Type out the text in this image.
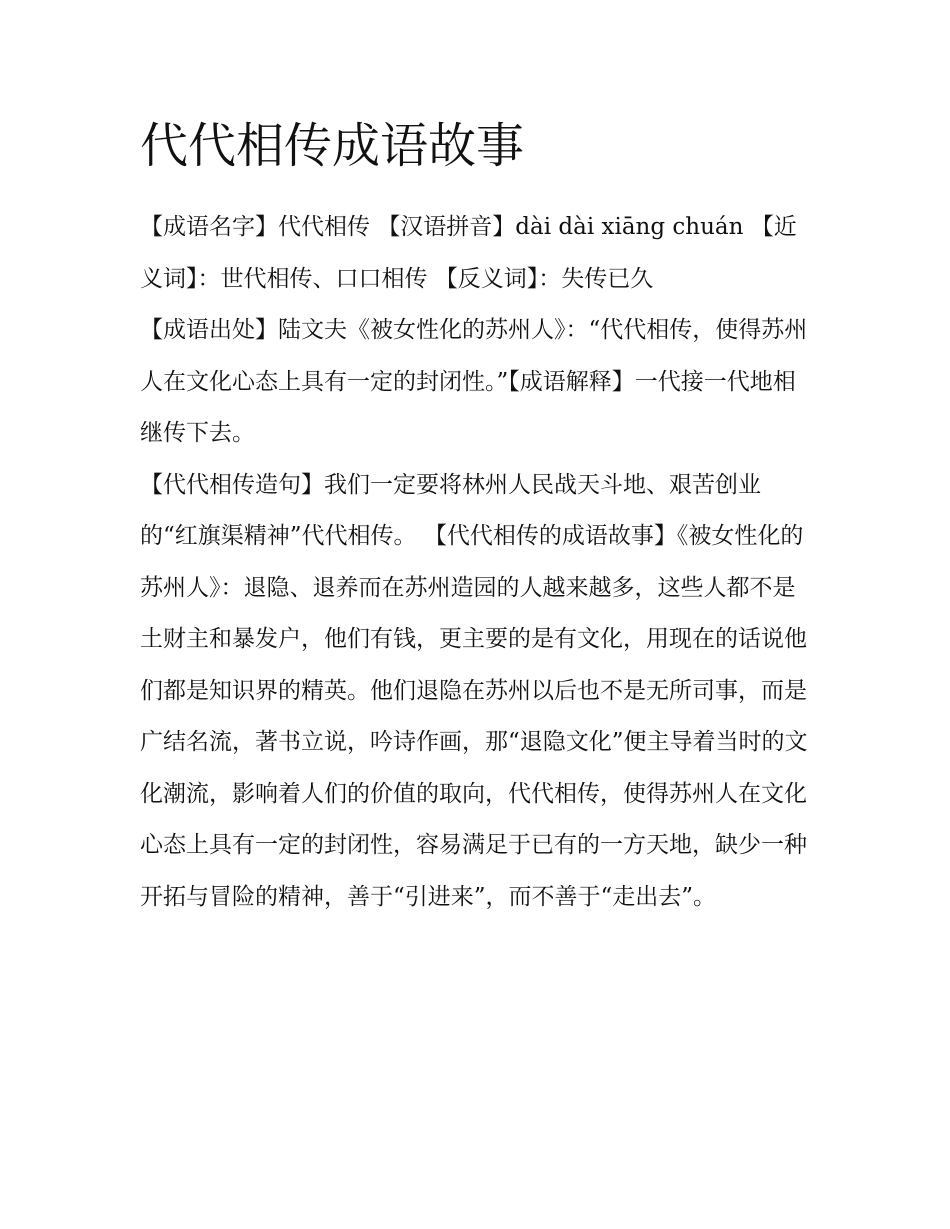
代代相传成语故事

【成语名字】代代相传 【汉语拼音】dài dài xiāng chuán 【近义词】：世代相传、口口相传 【反义词】：失传已久

【成语出处】陆文夫《被女性化的苏州人》：“代代相传，使得苏州人在文化心态上具有一定的封闭性。”【成语解释】一代接一代地相继传下去。

【代代相传造句】我们一定要将林州人民战天斗地、艰苦创业的“红旗渠精神”代代相传。 【代代相传的成语故事】《被女性化的苏州人》：退隐、退养而在苏州造园的人越来越多，这些人都不是土财主和暴发户，他们有钱，更主要的是有文化，用现在的话说他们都是知识界的精英。他们退隐在苏州以后也不是无所司事，而是广结名流，著书立说，吟诗作画，那“退隐文化”便主导着当时的文化潮流，影响着人们的价值的取向，代代相传，使得苏州人在文化心态上具有一定的封闭性，容易满足于已有的一方天地，缺少一种开拓与冒险的精神，善于“引进来”，而不善于“走出去”。
